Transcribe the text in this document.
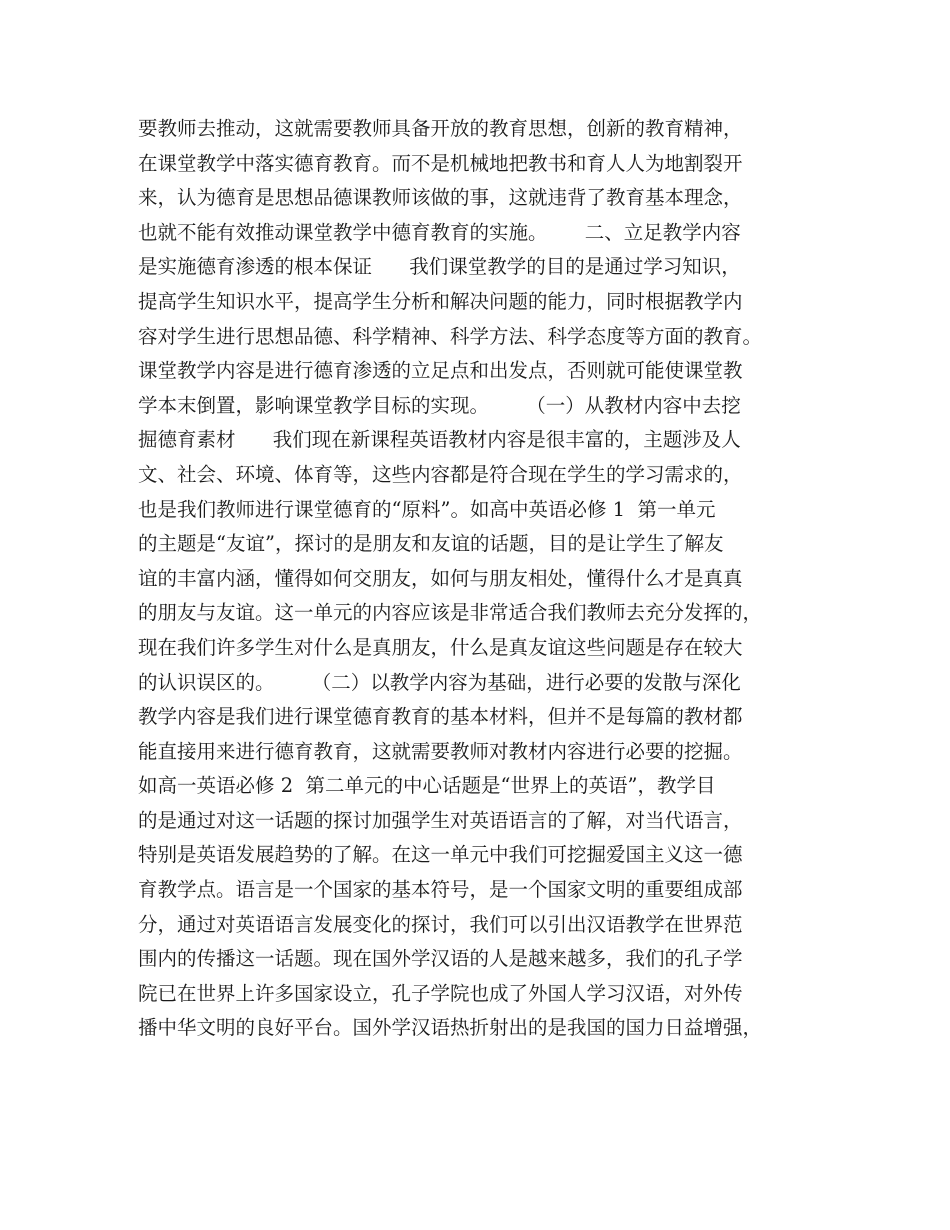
要教师去推动，这就需要教师具备开放的教育思想，创新的教育精神，

在课堂教学中落实德育教育。而不是机械地把教书和育人人为地割裂开

来，认为德育是思想品德课教师该做的事，这就违背了教育基本理念，

也就不能有效推动课堂教学中德育教育的实施。      二、立足教学内容

是实施德育渗透的根本保证      我们课堂教学的目的是通过学习知识，

提高学生知识水平，提高学生分析和解决问题的能力，同时根据教学内

容对学生进行思想品德、科学精神、科学方法、科学态度等方面的教育。

课堂教学内容是进行德育渗透的立足点和出发点，否则就可能使课堂教

学本末倒置，影响课堂教学目标的实现。      （一）从教材内容中去挖

掘德育素材      我们现在新课程英语教材内容是很丰富的，主题涉及人

文、社会、环境、体育等，这些内容都是符合现在学生的学习需求的，

也是我们教师进行课堂德育的“原料”。如高中英语必修 1  第一单元

的主题是“友谊”，探讨的是朋友和友谊的话题，目的是让学生了解友

谊的丰富内涵，懂得如何交朋友，如何与朋友相处，懂得什么才是真真

的朋友与友谊。这一单元的内容应该是非常适合我们教师去充分发挥的，

现在我们许多学生对什么是真朋友，什么是真友谊这些问题是存在较大

的认识误区的。      （二）以教学内容为基础，进行必要的发散与深化

教学内容是我们进行课堂德育教育的基本材料，但并不是每篇的教材都

能直接用来进行德育教育，这就需要教师对教材内容进行必要的挖掘。

如高一英语必修 2  第二单元的中心话题是“世界上的英语”，教学目

的是通过对这一话题的探讨加强学生对英语语言的了解，对当代语言，

特别是英语发展趋势的了解。在这一单元中我们可挖掘爱国主义这一德

育教学点。语言是一个国家的基本符号，是一个国家文明的重要组成部

分，通过对英语语言发展变化的探讨，我们可以引出汉语教学在世界范

围内的传播这一话题。现在国外学汉语的人是越来越多，我们的孔子学

院已在世界上许多国家设立，孔子学院也成了外国人学习汉语，对外传

播中华文明的良好平台。国外学汉语热折射出的是我国的国力日益增强，
